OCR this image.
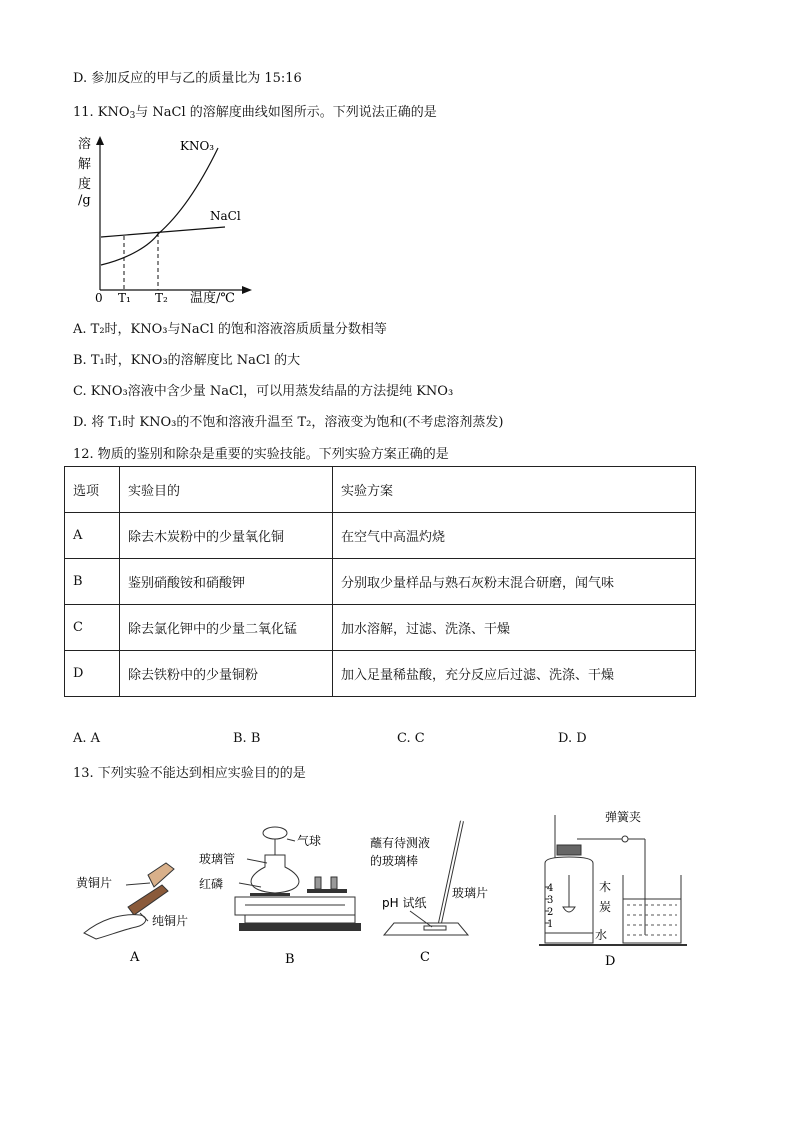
D. 参加反应的甲与乙的质量比为 15:16
11. $KNO_3$与 NaCl 的溶解度曲线如图所示。下列说法正确的是
溶
解
度
/g
KNO₃
NaCl
0 T₁ T₂ 温度/℃
A. T₂时，KNO₃与NaCl 的饱和溶液溶质质量分数相等
B. T₁时，KNO₃的溶解度比 NaCl 的大
C. KNO₃溶液中含少量 NaCl，可以用蒸发结晶的方法提纯 KNO₃
D. 将 T₁时 KNO₃的不饱和溶液升温至 T₂，溶液变为饱和(不考虑溶剂蒸发)
12. 物质的鉴别和除杂是重要的实验技能。下列实验方案正确的是
选项	实验目的	实验方案
A	除去木炭粉中的少量氧化铜	在空气中高温灼烧
B	鉴别硝酸铵和硝酸钾	分别取少量样品与熟石灰粉末混合研磨，闻气味
C	除去氯化钾中的少量二氧化锰	加水溶解，过滤、洗涤、干燥
D	除去铁粉中的少量铜粉	加入足量稀盐酸，充分反应后过滤、洗涤、干燥
A. A	B. B	C. C	D. D
13. 下列实验不能达到相应实验目的的是
黄铜片
纯铜片
A
气球
玻璃管
红磷
B
蘸有待测液
的玻璃棒
pH 试纸
玻璃片
C
弹簧夹
木
炭
水
4
3
2
1
D
